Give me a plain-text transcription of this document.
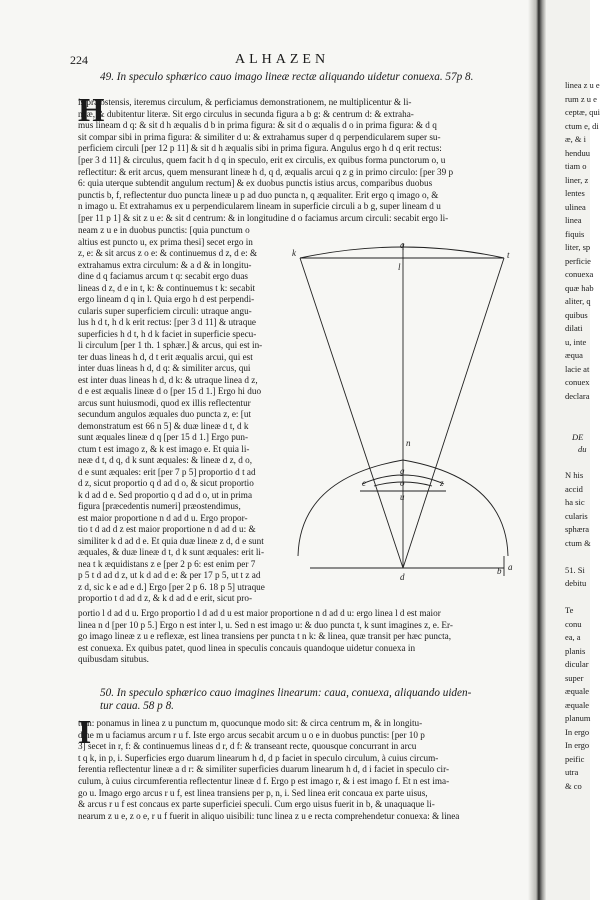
224	ALHAZEN
49. In speculo sphærico cauo imago lineæ rectæ aliquando uidetur conuexa. 57p 8.
H
is præostensis, iteremus circulum, & perficiamus demonstrationem, ne multiplicentur & li-
neæ, & dubitentur literæ. Sit ergo circulus in secunda figura a b g: & centrum d: & extraha-
mus lineam d q: & sit d h æqualis d b in prima figura: & sit d o æqualis d o in prima figura: & d q
sit compar sibi in prima figura: & similiter d u: & extrahamus super d q perpendicularem super su-
perficiem circuli [per 12 p 11] & sit d h æqualis sibi in prima figura. Angulus ergo h d q erit rectus:
[per 3 d 11] & circulus, quem facit h d q in speculo, erit ex circulis, ex quibus forma punctorum o, u
reflectitur: & erit arcus, quem mensurant lineæ h d, q d, æqualis arcui q z g in primo circulo: [per 39 p
6: quia uterque subtendit angulum rectum] & ex duobus punctis istius arcus, comparibus duobus
punctis b, f, reflectentur duo puncta lineæ u p ad duo puncta n, q æqualiter. Erit ergo q imago o, &
n imago u. Et extrahamus ex u perpendicularem lineam in superficie circuli a b g, super lineam d u
[per 11 p 1] & sit z u e: & sit d centrum: & in longitudine d o faciamus arcum circuli: secabit ergo li-
neam z u e in duobus punctis: [quia punctum o
altius est puncto u, ex prima thesi] secet ergo in
z, e: & sit arcus z o e: & continuemus d z, d e: &
extrahamus extra circulum: & a d & in longitu-
dine d q faciamus arcum t q: secabit ergo duas
lineas d z, d e in t, k: & continuemus t k: secabit
ergo lineam d q in l. Quia ergo h d est perpendi-
cularis super superficiem circuli: utraque angu-
lus h d t, h d k erit rectus: [per 3 d 11] & utraque
superficies h d t, h d k faciet in superficie specu-
li circulum [per 1 th. 1 sphær.] & arcus, qui est in-
ter duas lineas h d, d t erit æqualis arcui, qui est
inter duas lineas h d, d q: & similiter arcus, qui
est inter duas lineas h d, d k: & utraque linea d z,
d e est æqualis lineæ d o [per 15 d 1.] Ergo hi duo
arcus sunt huiusmodi, quod ex illis reflectentur
secundum angulos æquales duo puncta z, e: [ut
demonstratum est 66 n 5] & duæ lineæ d t, d k
sunt æquales lineæ d q [per 15 d 1.] Ergo pun-
ctum t est imago z, & k est imago e. Et quia li-
neæ d t, d q, d k sunt æquales: & lineæ d z, d o,
d e sunt æquales: erit [per 7 p 5] proportio d t ad
d z, sicut proportio q d ad d o, & sicut proportio
k d ad d e. Sed proportio q d ad d o, ut in prima
figura [præcedentis numeri] præostendimus,
est maior proportione n d ad d u. Ergo propor-
tio t d ad d z est maior proportione n d ad d u: &
similiter k d ad d e. Et quia duæ lineæ z d, d e sunt
æquales, & duæ lineæ d t, d k sunt æquales: erit li-
nea t k æquidistans z e [per 2 p 6: est enim per 7
p 5 t d ad d z, ut k d ad d e: & per 17 p 5, ut t z ad
z d, sic k e ad e d.] Ergo [per 2 p 6. 18 p 5] utraque
proportio t d ad d z, & k d ad d e erit, sicut pro-
portio l d ad d u. Ergo proportio l d ad d u est maior proportione n d ad d u: ergo linea l d est maior
linea n d [per 10 p 5.] Ergo n est inter l, u. Sed n est imago u: & duo puncta t, k sunt imagines z, e. Er-
go imago lineæ z u e reflexæ, est linea transiens per puncta t n k: & linea, quæ transit per hæc puncta,
est conuexa. Ex quibus patet, quod linea in speculis concauis quandoque uidetur conuexa in
quibusdam situbus.
k
q
t
l
n
g
e	z
o
u
d
b a
50. In speculo sphærico cauo imagines linearum: caua, conuexa, aliquando uiden-
tur caua. 58 p 8.
I
tem: ponamus in linea z u punctum m, quocunque modo sit: & circa centrum m, & in longitu-
dine m u faciamus arcum r u f. Iste ergo arcus secabit arcum u o e in duobus punctis: [per 10 p
3] secet in r, f: & continuemus lineas d r, d f: & transeant recte, quousque concurrant in arcu
t q k, in p, i. Superficies ergo duarum linearum h d, d p faciet in speculo circulum, à cuius circum-
ferentia reflectentur lineæ a d r: & similiter superficies duarum linearum h d, d i faciet in speculo cir-
culum, à cuius circumferentia reflectentur lineæ d f. Ergo p est imago r, & i est imago f. Et n est ima-
go u. Imago ergo arcus r u f, est linea transiens per p, n, i. Sed linea erit concaua ex parte uisus,
& arcus r u f est concaus ex parte superficiei speculi. Cum ergo uisus fuerit in b, & unaquaque li-
nearum z u e, z o e, r u f fuerit in aliquo uisibili: tunc linea z u e recta comprehendetur conuexa: & linea
linea z u e
rum z u e
ceptæ, qui
ctum e, di
æ, & i
henduu
tiam o
liner, z
lentes
ulinea
linea
fiquis
liter, sp
perficie
conuexa
quæ hab
aliter, q
quibus
dilati
u, inte
æqua
lacie at
conuex
declara
DE
du
N his
accid
ha sic
cularis
sphæra
ctum &
51. Si
debitu
Te
conu
ea, a
planis
dicular
super
æquale
æquale
planum
In ergo
In ergo
peific
utra
& co
